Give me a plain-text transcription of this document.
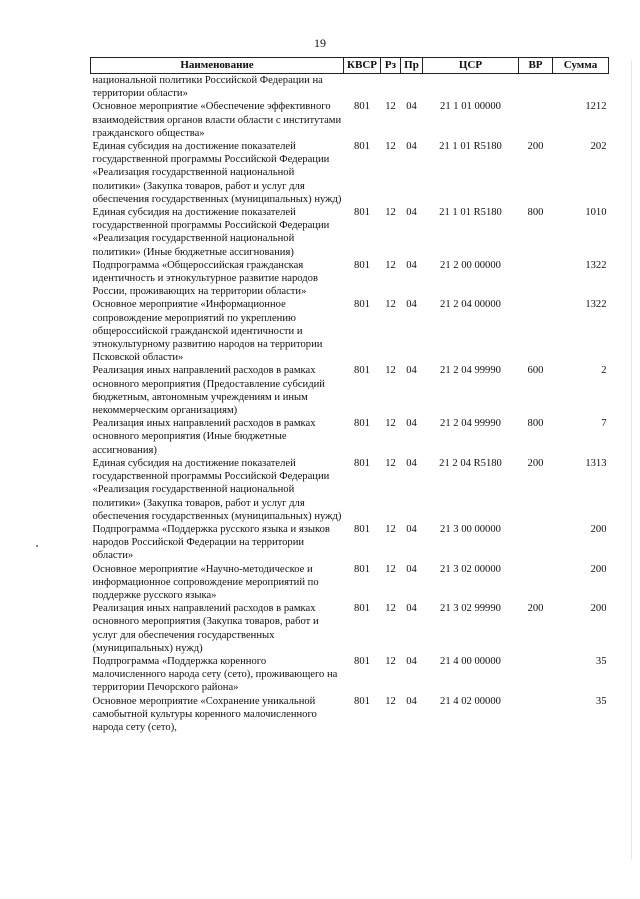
19
Наименование	КВСР	Рз	Пр	ЦСР	ВР	Сумма
национальной политики Российской Федерации на территории области»						
Основное мероприятие «Обеспечение эффективного взаимодействия органов власти области с институтами гражданского общества»	801	12	04	21 1 01 00000		1212
Единая субсидия на достижение показателей государственной программы Российской Федерации «Реализация государственной национальной политики» (Закупка товаров, работ и услуг для обеспечения государственных (муниципальных) нужд)	801	12	04	21 1 01 R5180	200	202
Единая субсидия на достижение показателей государственной программы Российской Федерации «Реализация государственной национальной политики» (Иные бюджетные ассигнования)	801	12	04	21 1 01 R5180	800	1010
Подпрограмма «Общероссийская гражданская идентичность и этнокультурное развитие народов России, проживающих на территории области»	801	12	04	21 2 00 00000		1322
Основное мероприятие «Информационное сопровождение мероприятий по укреплению общероссийской гражданской идентичности и этнокультурному развитию народов на территории Псковской области»	801	12	04	21 2 04 00000		1322
Реализация иных направлений расходов в рамках основного мероприятия (Предоставление субсидий бюджетным, автономным учреждениям и иным некоммерческим организациям)	801	12	04	21 2 04 99990	600	2
Реализация иных направлений расходов в рамках основного мероприятия (Иные бюджетные ассигнования)	801	12	04	21 2 04 99990	800	7
Единая субсидия на достижение показателей государственной программы Российской Федерации «Реализация государственной национальной политики» (Закупка товаров, работ и услуг для обеспечения государственных (муниципальных) нужд)	801	12	04	21 2 04 R5180	200	1313
Подпрограмма «Поддержка русского языка и языков народов Российской Федерации на территории области»	801	12	04	21 3 00 00000		200
Основное мероприятие «Научно-методическое и информационное сопровождение мероприятий по поддержке русского языка»	801	12	04	21 3 02 00000		200
Реализация иных направлений расходов в рамках основного мероприятия (Закупка товаров, работ и услуг для обеспечения государственных (муниципальных) нужд)	801	12	04	21 3 02 99990	200	200
Подпрограмма «Поддержка коренного малочисленного народа сету (сето), проживающего на территории Печорского района»	801	12	04	21 4 00 00000		35
Основное мероприятие «Сохранение уникальной самобытной культуры коренного малочисленного народа сету (сето),	801	12	04	21 4 02 00000		35
